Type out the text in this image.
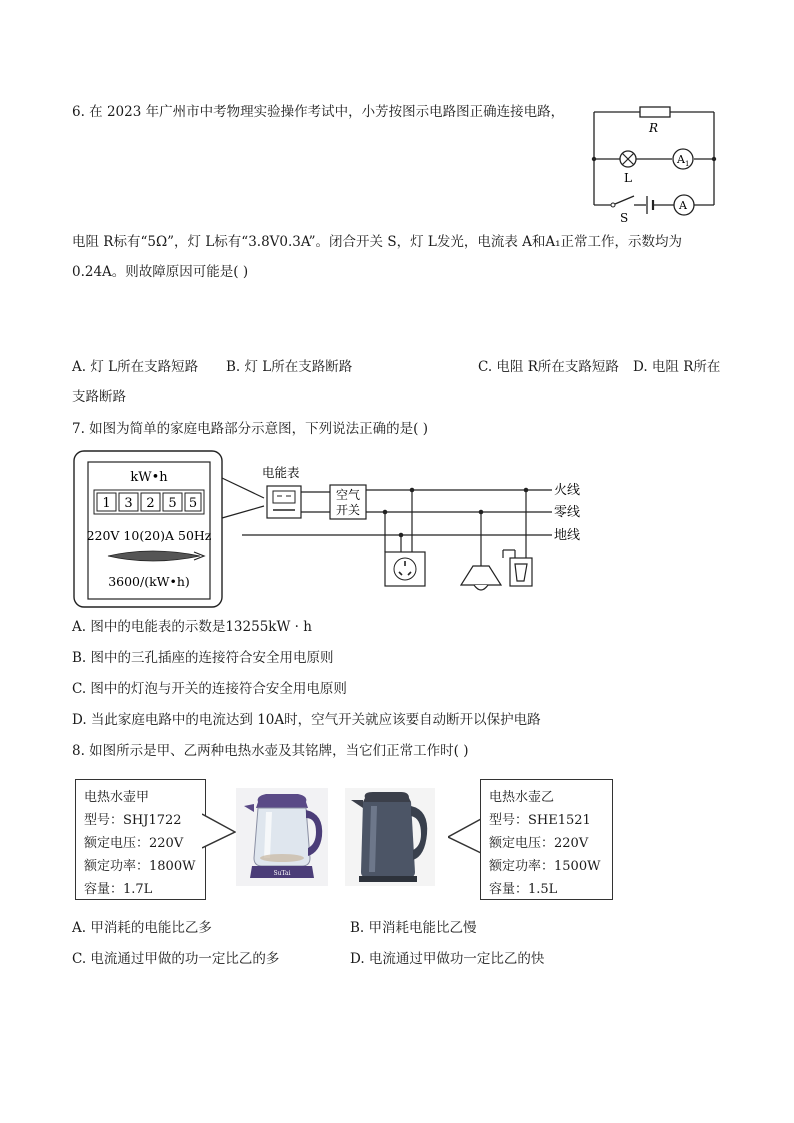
6. 在 2023 年广州市中考物理实验操作考试中，小芳按图示电路图正确连接电路，
R
L
A 1
S
A
电阻 R标有“5Ω”，灯 L标有“3.8V0.3A”。闭合开关 S，灯 L发光，电流表 A和A₁正常工作，示数均为
0.24A。则故障原因可能是( )
A. 灯 L所在支路短路 B. 灯 L所在支路断路	C. 电阻 R所在支路短路 D. 电阻 R所在
支路断路
7. 如图为简单的家庭电路部分示意图，下列说法正确的是( )
kW•h
1 3 2 5 5
220V 10(20)A 50Hz
3600/(kW•h)
电能表
空气
开关
火线
零线
地线
A. 图中的电能表的示数是13255kW · h
B. 图中的三孔插座的连接符合安全用电原则
C. 图中的灯泡与开关的连接符合安全用电原则
D. 当此家庭电路中的电流达到 10A时，空气开关就应该要自动断开以保护电路
8. 如图所示是甲、乙两种电热水壶及其铭牌，当它们正常工作时( )
电热水壶甲
型号：SHJ1722
额定电压：220V
额定功率：1800W
容量：1.7L
SuTai
电热水壶乙
型号：SHE1521
额定电压：220V
额定功率：1500W
容量：1.5L
A. 甲消耗的电能比乙多	B. 甲消耗电能比乙慢
C. 电流通过甲做的功一定比乙的多	D. 电流通过甲做功一定比乙的快
